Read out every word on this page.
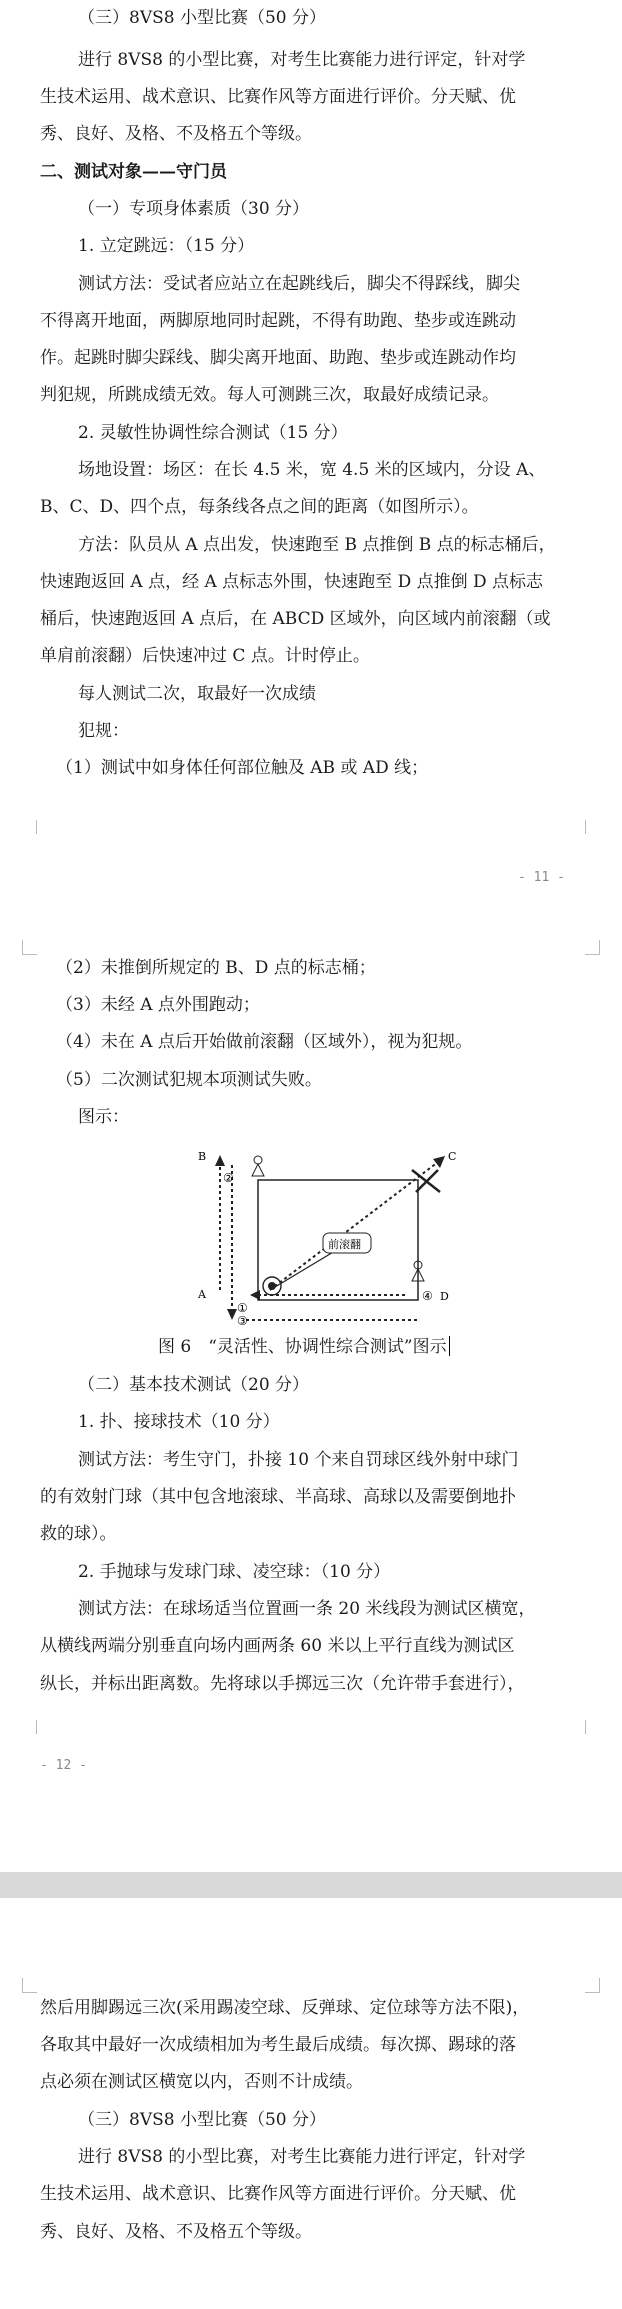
（三）8VS8 小型比赛（50 分）
进行 8VS8 的小型比赛，对考生比赛能力进行评定，针对学
生技术运用、战术意识、比赛作风等方面进行评价。分天赋、优
秀、良好、及格、不及格五个等级。
二、测试对象——守门员
（一）专项身体素质（30 分）
1. 立定跳远：（15 分）
测试方法：受试者应站立在起跳线后，脚尖不得踩线，脚尖
不得离开地面，两脚原地同时起跳，不得有助跑、垫步或连跳动
作。起跳时脚尖踩线、脚尖离开地面、助跑、垫步或连跳动作均
判犯规，所跳成绩无效。每人可测跳三次，取最好成绩记录。
2. 灵敏性协调性综合测试（15 分）
场地设置：场区：在长 4.5 米，宽 4.5 米的区域内，分设 A、
B、C、D、四个点，每条线各点之间的距离（如图所示）。
方法：队员从 A 点出发，快速跑至 B 点推倒 B 点的标志桶后，
快速跑返回 A 点，经 A 点标志外围，快速跑至 D 点推倒 D 点标志
桶后，快速跑返回 A 点后，在 ABCD 区域外，向区域内前滚翻（或
单肩前滚翻）后快速冲过 C 点。计时停止。
每人测试二次，取最好一次成绩
犯规：
（1）测试中如身体任何部位触及 AB 或 AD 线；
- 11 -
（2）未推倒所规定的 B、D 点的标志桶；
（3）未经 A 点外围跑动；
（4）未在 A 点后开始做前滚翻（区域外），视为犯规。
（5）二次测试犯规本项测试失败。
图示：
B
A
C
D
①
②
③
④
前滚翻
图 6　“灵活性、协调性综合测试”图示
（二）基本技术测试（20 分）
1. 扑、接球技术（10 分）
测试方法：考生守门，扑接 10 个来自罚球区线外射中球门
的有效射门球（其中包含地滚球、半高球、高球以及需要倒地扑
救的球）。
2. 手抛球与发球门球、凌空球：（10 分）
测试方法：在球场适当位置画一条 20 米线段为测试区横宽，
从横线两端分别垂直向场内画两条 60 米以上平行直线为测试区
纵长，并标出距离数。先将球以手掷远三次（允许带手套进行），
- 12 -
然后用脚踢远三次(采用踢凌空球、反弹球、定位球等方法不限)，
各取其中最好一次成绩相加为考生最后成绩。每次掷、踢球的落
点必须在测试区横宽以内，否则不计成绩。
（三）8VS8 小型比赛（50 分）
进行 8VS8 的小型比赛，对考生比赛能力进行评定，针对学
生技术运用、战术意识、比赛作风等方面进行评价。分天赋、优
秀、良好、及格、不及格五个等级。
